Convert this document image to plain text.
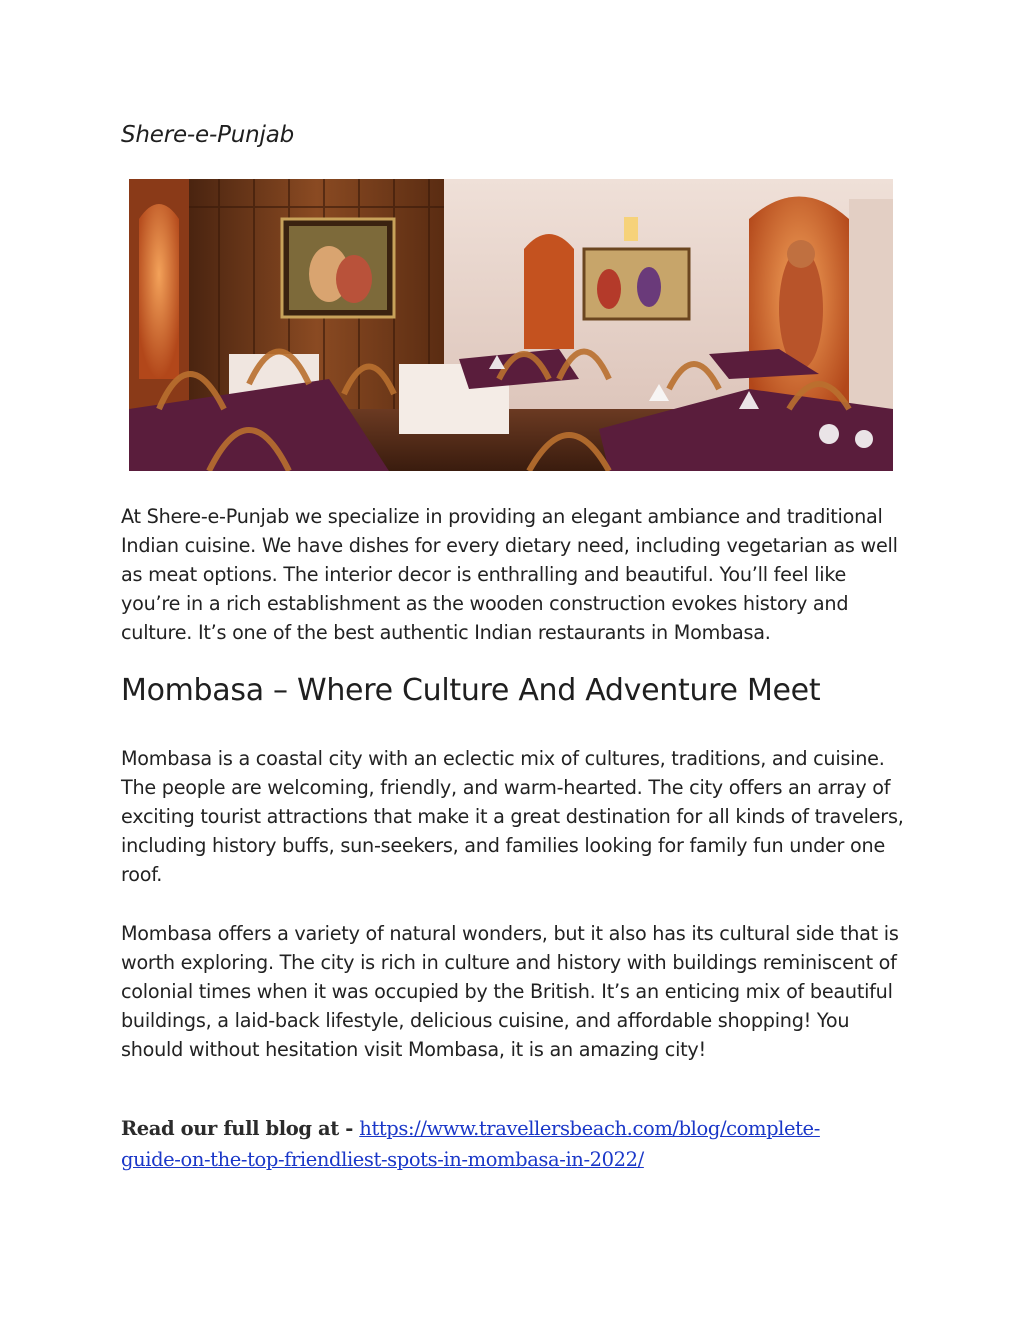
Shere-e-Punjab

At Shere-e-Punjab we specialize in providing an elegant ambiance and traditional Indian cuisine. We have dishes for every dietary need, including vegetarian as well as meat options. The interior decor is enthralling and beautiful. You’ll feel like you’re in a rich establishment as the wooden construction evokes history and culture. It’s one of the best authentic Indian restaurants in Mombasa.

Mombasa – Where Culture And Adventure Meet

Mombasa is a coastal city with an eclectic mix of cultures, traditions, and cuisine. The people are welcoming, friendly, and warm-hearted. The city offers an array of exciting tourist attractions that make it a great destination for all kinds of travelers, including history buffs, sun-seekers, and families looking for family fun under one roof.

Mombasa offers a variety of natural wonders, but it also has its cultural side that is worth exploring. The city is rich in culture and history with buildings reminiscent of colonial times when it was occupied by the British. It’s an enticing mix of beautiful buildings, a laid-back lifestyle, delicious cuisine, and affordable shopping! You should without hesitation visit Mombasa, it is an amazing city!

Read our full blog at - https://www.travellersbeach.com/blog/complete-
guide-on-the-top-friendliest-spots-in-mombasa-in-2022/
